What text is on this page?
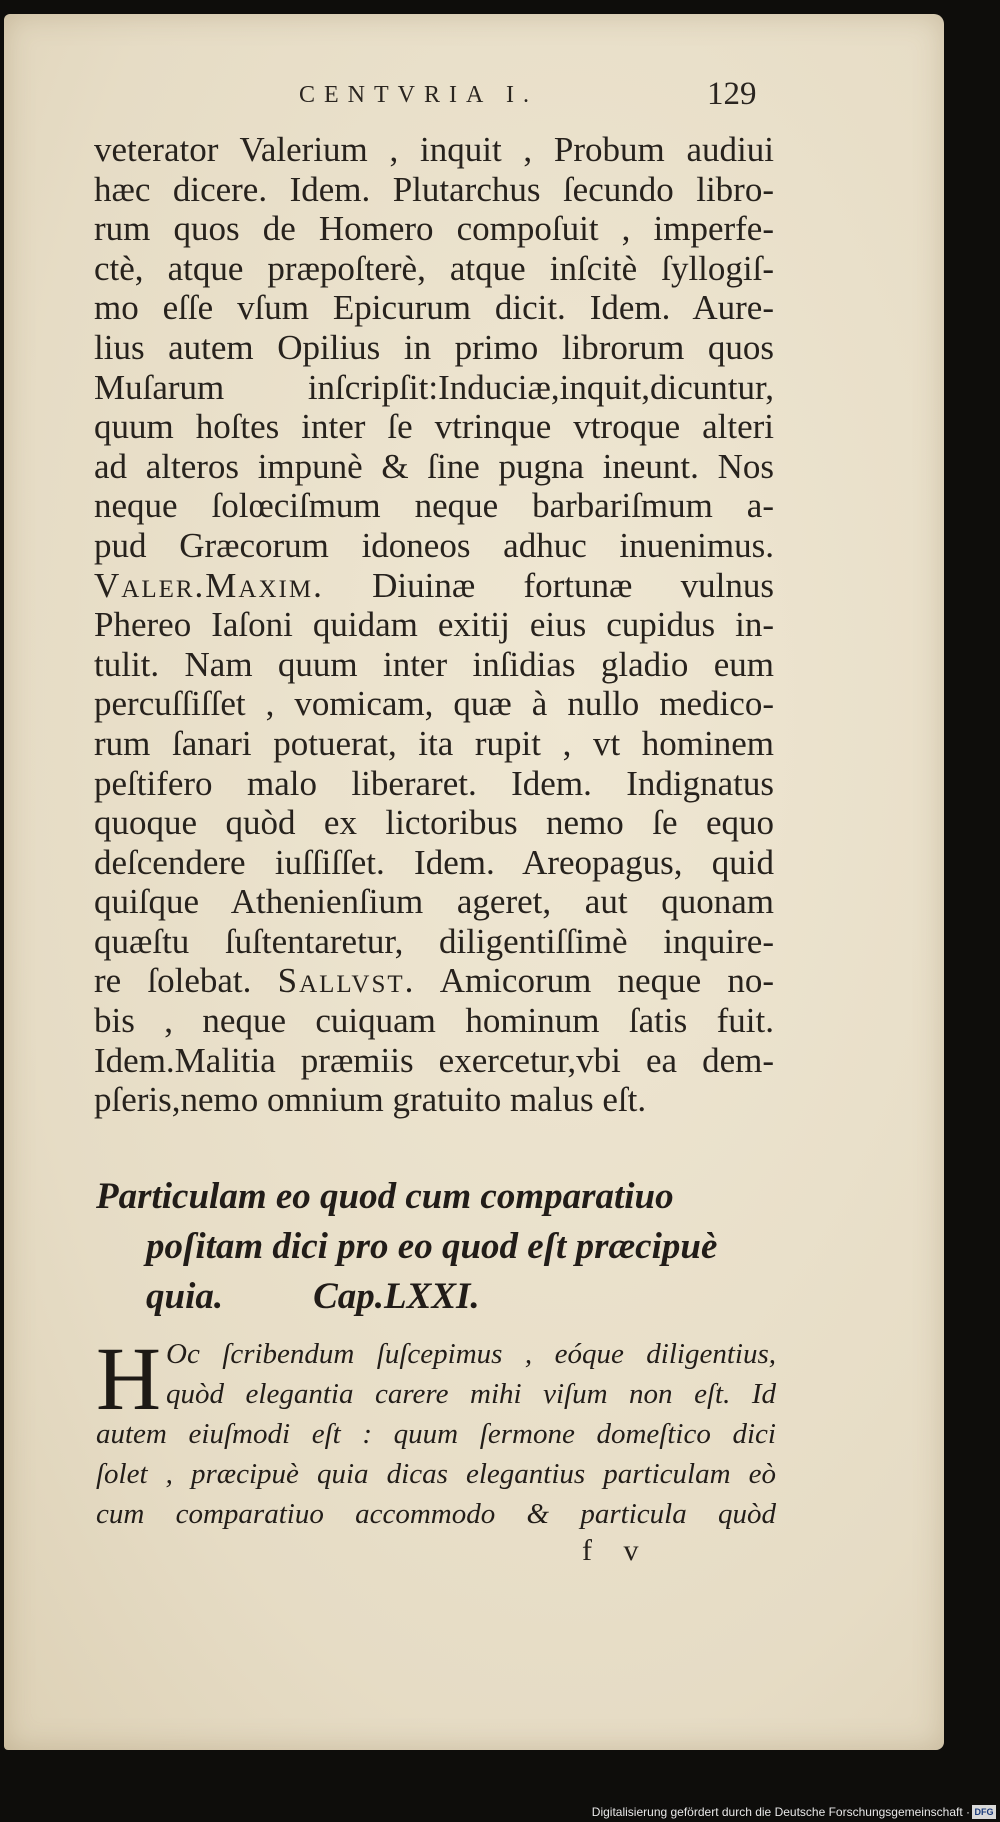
CENTVRIA I.	129
veterator Valerium , inquit , Probum audiui
hæc dicere. Idem. Plutarchus ſecundo libro-
rum quos de Homero compoſuit , imperfe-
ctè, atque præpoſterè, atque inſcitè ſyllogiſ-
mo eſſe vſum Epicurum dicit. Idem. Aure-
lius autem Opilius in primo librorum quos
Muſarum inſcripſit:Induciæ,inquit,dicuntur,
quum hoſtes inter ſe vtrinque vtroque alteri
ad alteros impunè & ſine pugna ineunt. Nos
neque ſolœciſmum neque barbariſmum a-
pud Græcorum idoneos adhuc inuenimus.
Valer.Maxim. Diuinæ fortunæ vulnus
Phereo Iaſoni quidam exitij eius cupidus in-
tulit. Nam quum inter inſidias gladio eum
percuſſiſſet , vomicam, quæ à nullo medico-
rum ſanari potuerat, ita rupit , vt hominem
peſtifero malo liberaret. Idem. Indignatus
quoque quòd ex lictoribus nemo ſe equo
deſcendere iuſſiſſet. Idem. Areopagus, quid
quiſque Athenienſium ageret, aut quonam
quæſtu ſuſtentaretur, diligentiſſimè inquire-
re ſolebat. Sallvst. Amicorum neque no-
bis , neque cuiquam hominum ſatis fuit.
Idem.Malitia præmiis exercetur,vbi ea dem-
pſeris,nemo omnium gratuito malus eſt.
Particulam eo quod cum comparatiuo
poſitam dici pro eo quod eſt præcipuè
quia. Cap.LXXI.
H Oc ſcribendum ſuſcepimus , eóque diligentius,
quòd elegantia carere mihi viſum non eſt. Id
autem eiuſmodi eſt : quum ſermone domeſtico dici
ſolet , præcipuè quia dicas elegantius particulam eò
cum comparatiuo accommodo & particula quòd
f v
Digitalisierung gefördert durch die Deutsche Forschungsgemeinschaft · DFG
